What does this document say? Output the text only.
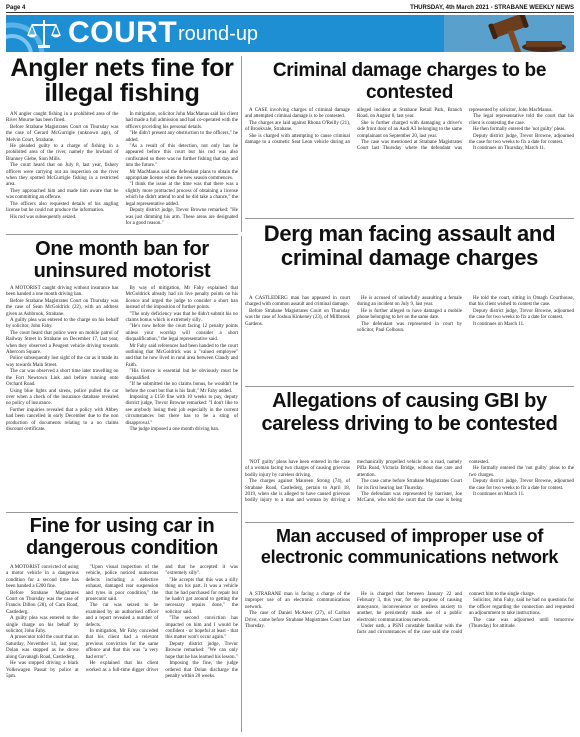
Page 4	THURSDAY, 4th March 2021 - STRABANE WEEKLY NEWS
COURT round-up
Angler nets fine for illegal fishing

AN angler caught fishing in a prohibited area of the River Mourne has been fined.

Before Strabane Magistrates Court on Thursday was the case of Gerard McGurrigle (unknown age), of Melvin Court, Strabane.

He pleaded guilty to a charge of fishing in a prohibited area of the river, namely the lowland of Branney Glebe, Sion Mills.

The court heard that on July 8, last year, fishery officers were carrying out an inspection on the river when they spotted McGurrigle fishing in a restricted area.

They approached him and made him aware that he was committing an offence.

The officers also requested details of his angling license but he could not produce the information.

His rod was subsequently seized.

In mitigation, solicitor John MacManus said his client had made a full admission and had co-operated with the officers providing his personal details.

"He didn't present any obstruction to the officers," he added.

"As a result of this detection, not only has he appeared before this court but his rod was also confiscated so there was no further fishing that day and into the future."

Mr MacManus said the defendant plans to obtain the appropriate license when the new season commences.

"I think the issue at the time was that there was a slightly more protracted process of obtaining a license which he didn't attend to and he did take a chance," the legal representative added.

Deputy district judge, Trevor Browne remarked: "He was just dimming his arm. These areas are designated for a good reason."

Criminal damage charges to be contested

A CASE involving charges of criminal damage and attempted criminal damage is to be contested.

The charges are laid against Rhona O'Reilly (21), of Brookvale, Strabane.

She is charged with attempting to cause criminal damage to a cosmetic Seat Leon vehicle during an alleged incident at Strabane Retail Park, Branch Road, on August 6, last year.

She is further charged with damaging a driver's side front door of an Audi A3 belonging to the same complainant on September 20, last year.

The case was mentioned at Strabane Magistrates Court last Thursday where the defendant was represented by solicitor, John MacManus.

The legal representative told the court that his client is contesting the case.

He then formally entered the 'not guilty' pleas.

Deputy district judge, Trevor Browne, adjourned the case for two weeks to fix a date for contest.

It continues on Thursday, March 11.

Derg man facing assault and criminal damage charges

A CASTLEDERG man has appeared in court charged with common assault and criminal damage.

Before Strabane Magistrates Court on Thursday was the case of Joshua Kinkeney (23), of Millbrook Gardens.

He is accused of unlawfully assaulting a female during an incident on July 9, last year.

He is further alleged to have damaged a mobile phone belonging to her on the same date.

The defendant was represented in court by solicitor, Paul Colhoun.

He told the court, sitting in Omagh Courthouse, that his client wished to contest the case.

Deputy district judge, Trevor Browne, adjourned the case for two weeks to fix a date for contest.

It continues on March 11.

One month ban for uninsured motorist

A MOTORIST caught driving without insurance has been handed a one month driving ban.

Before Strabane Magistrates Court on Thursday was the case of Sean McGoldrick (22), with an address given as Ashbrook, Strabane.

A guilty plea was entered to the charge on his behalf by solicitor, John Fahy.

The court heard that police were on mobile patrol of Railway Street in Strabane on December 17, last year, when they observed a Peugeot vehicle driving towards Abercorn Square.

Police subsequently lost sight of the car as it made its way towards Main Street.

The car was observed a short time later travelling on the Fort Newtown Link and before running onto Orchard Road.

Using blue lights and sirens, police pulled the car over when a check of the insurance database revealed no policy of insurance.

Further inquiries revealed that a policy with Abbey had been cancelled in early December due to the non production of documents relating to a no claims discount certificate.

By way of mitigation, Mr Fahy explained that McGoldrick already had six live penalty points on his licence and urged the judge to consider a short ban instead of the imposition of further points.

"The only deficiency was that he didn't submit his no claims bonus which is extremely silly.

"He's now before the court facing 12 penalty points unless your worship will consider a short disqualification," the legal representative said.

Mr Fahy said references had been handed to the court outlining that McGoldrick was a "valued employee" and that he now lived in rural area between Claudy and Faith.

"His licence is essential but he obviously must be disqualified.

"If he submitted the no claims bonus, he wouldn't be before the court but that is his fault," Mr Fahy added.

Imposing a £150 fine with 10 weeks to pay, deputy district judge, Trevor Browne remarked: "I don't like to see anybody losing their job especially in the current circumstances but there has to be a sting of disapproval."

The judge imposed a one month driving ban.

Allegations of causing GBI by careless driving to be contested

'NOT guilty' pleas have been entered in the case of a woman facing two charges of causing grievous bodily injury by careless driving.

The charges against Maureen Strong (74), of Strabane Road, Castlederg, pertain to April 18, 2019, when she is alleged to have caused grievous bodily injury to a man and woman by driving a mechanically propelled vehicle on a road, namely Pifla Road, Victoria Bridge, without due care and attention.

The case came before Strabane Magistrates Court for its first hearing last Thursday.

The defendant was represented by barrister, Joe McCann, who told the court that the case is being contested.

He formally entered the 'not guilty' pleas to the two charges.

Deputy district judge, Trevor Browne, adjourned the case for two weeks to fix a date for contest.

It continues on March 11.

Fine for using car in dangerous condition

A MOTORIST convicted of using a motor vehicle in a dangerous condition for a second time has been handed a £200 fine.

Before Strabane Magistrates Court on Thursday was the case of Francis Dillon (28), of Cara Road, Castlederg.

A guilty plea was entered to the single charge on his behalf by solicitor, John Fahy.

A prosecutor told the court that on Saturday, November 14, last year, Dolan was stopped as he drove along Gavanagh Road, Castlederg.

He was stopped driving a black Volkswagen Passat by police at 5pm.

"Upon visual inspection of the vehicle, police noticed numerous defects including a defective exhaust, damaged rear suspension and tyres in poor condition," the prosecutor said.

The car was seized to be examined by an authorised officer and a report revealed a number of defects.

In mitigation, Mr Fahy conceded that his client had a relevant previous conviction for the same offence and that this was "a very bad error".

He explained that his client worked as a full-time digger driver and that he accepted it was "extremely silly".

"He accepts that this was a silly thing on his part. It was a vehicle that he had purchased for repair but he hadn't got around to getting the necessary repairs done," the solicitor said.

"The second conviction has impacted on him and I would be confident - or hopeful at least - that this matter won't occur again."

Deputy district judge, Trevor Browne remarked: "We can only hope that he has learned his lesson."

Imposing the fine, the judge ordered that Dolan discharge the penalty within 20 weeks.

Man accused of improper use of electronic communications network

A STRABANE man is facing a charge of the improper use of an electronic communications network.

The case of Daniel McAteer (27), of Carlton Drive, came before Strabane Magistrates Court last Thursday.

He is charged that between January 22 and February 3, this year, for the purpose of causing annoyance, inconvenience or needless anxiety to another, he persistently made use of a public electronic communications network.

Under oath, a PSNI constable familiar with the facts and circumstances of the case said she could connect him to the single charge.

Solicitor, John Fahy, said he had no questions for the officer regarding the connection and requested an adjournment to take instructions.

The case was adjourned until tomorrow (Thursday) for attitude.
